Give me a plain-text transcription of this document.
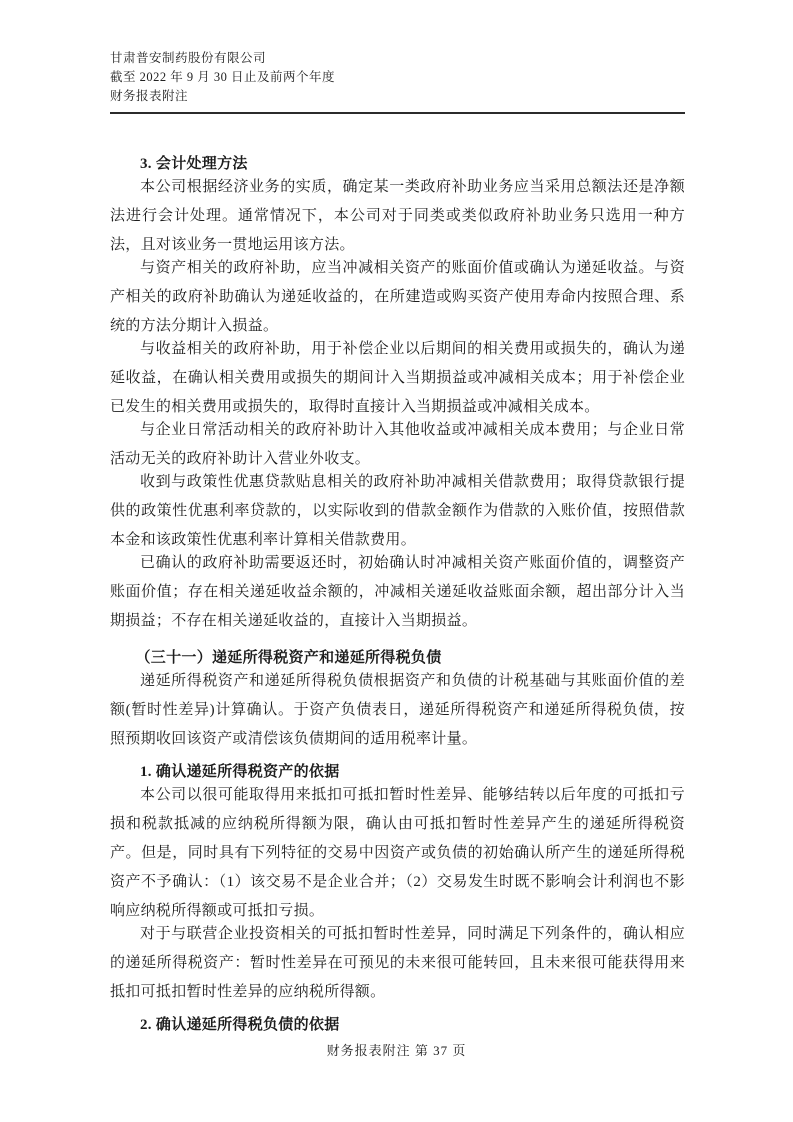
甘肃普安制药股份有限公司
截至 2022 年 9 月 30 日止及前两个年度
财务报表附注

3. 会计处理方法

本公司根据经济业务的实质，确定某一类政府补助业务应当采用总额法还是净额法进行会计处理。通常情况下，本公司对于同类或类似政府补助业务只选用一种方法，且对该业务一贯地运用该方法。

与资产相关的政府补助，应当冲减相关资产的账面价值或确认为递延收益。与资产相关的政府补助确认为递延收益的，在所建造或购买资产使用寿命内按照合理、系统的方法分期计入损益。

与收益相关的政府补助，用于补偿企业以后期间的相关费用或损失的，确认为递延收益，在确认相关费用或损失的期间计入当期损益或冲减相关成本；用于补偿企业已发生的相关费用或损失的，取得时直接计入当期损益或冲减相关成本。

与企业日常活动相关的政府补助计入其他收益或冲减相关成本费用；与企业日常活动无关的政府补助计入营业外收支。

收到与政策性优惠贷款贴息相关的政府补助冲减相关借款费用；取得贷款银行提供的政策性优惠利率贷款的，以实际收到的借款金额作为借款的入账价值，按照借款本金和该政策性优惠利率计算相关借款费用。

已确认的政府补助需要返还时，初始确认时冲减相关资产账面价值的，调整资产账面价值；存在相关递延收益余额的，冲减相关递延收益账面余额，超出部分计入当期损益；不存在相关递延收益的，直接计入当期损益。

（三十一）递延所得税资产和递延所得税负债

递延所得税资产和递延所得税负债根据资产和负债的计税基础与其账面价值的差额(暂时性差异)计算确认。于资产负债表日，递延所得税资产和递延所得税负债，按照预期收回该资产或清偿该负债期间的适用税率计量。

1. 确认递延所得税资产的依据

本公司以很可能取得用来抵扣可抵扣暂时性差异、能够结转以后年度的可抵扣亏损和税款抵减的应纳税所得额为限，确认由可抵扣暂时性差异产生的递延所得税资产。但是，同时具有下列特征的交易中因资产或负债的初始确认所产生的递延所得税资产不予确认：（1）该交易不是企业合并；（2）交易发生时既不影响会计利润也不影响应纳税所得额或可抵扣亏损。

对于与联营企业投资相关的可抵扣暂时性差异，同时满足下列条件的，确认相应的递延所得税资产：暂时性差异在可预见的未来很可能转回，且未来很可能获得用来抵扣可抵扣暂时性差异的应纳税所得额。

2. 确认递延所得税负债的依据

财务报表附注 第 37 页
